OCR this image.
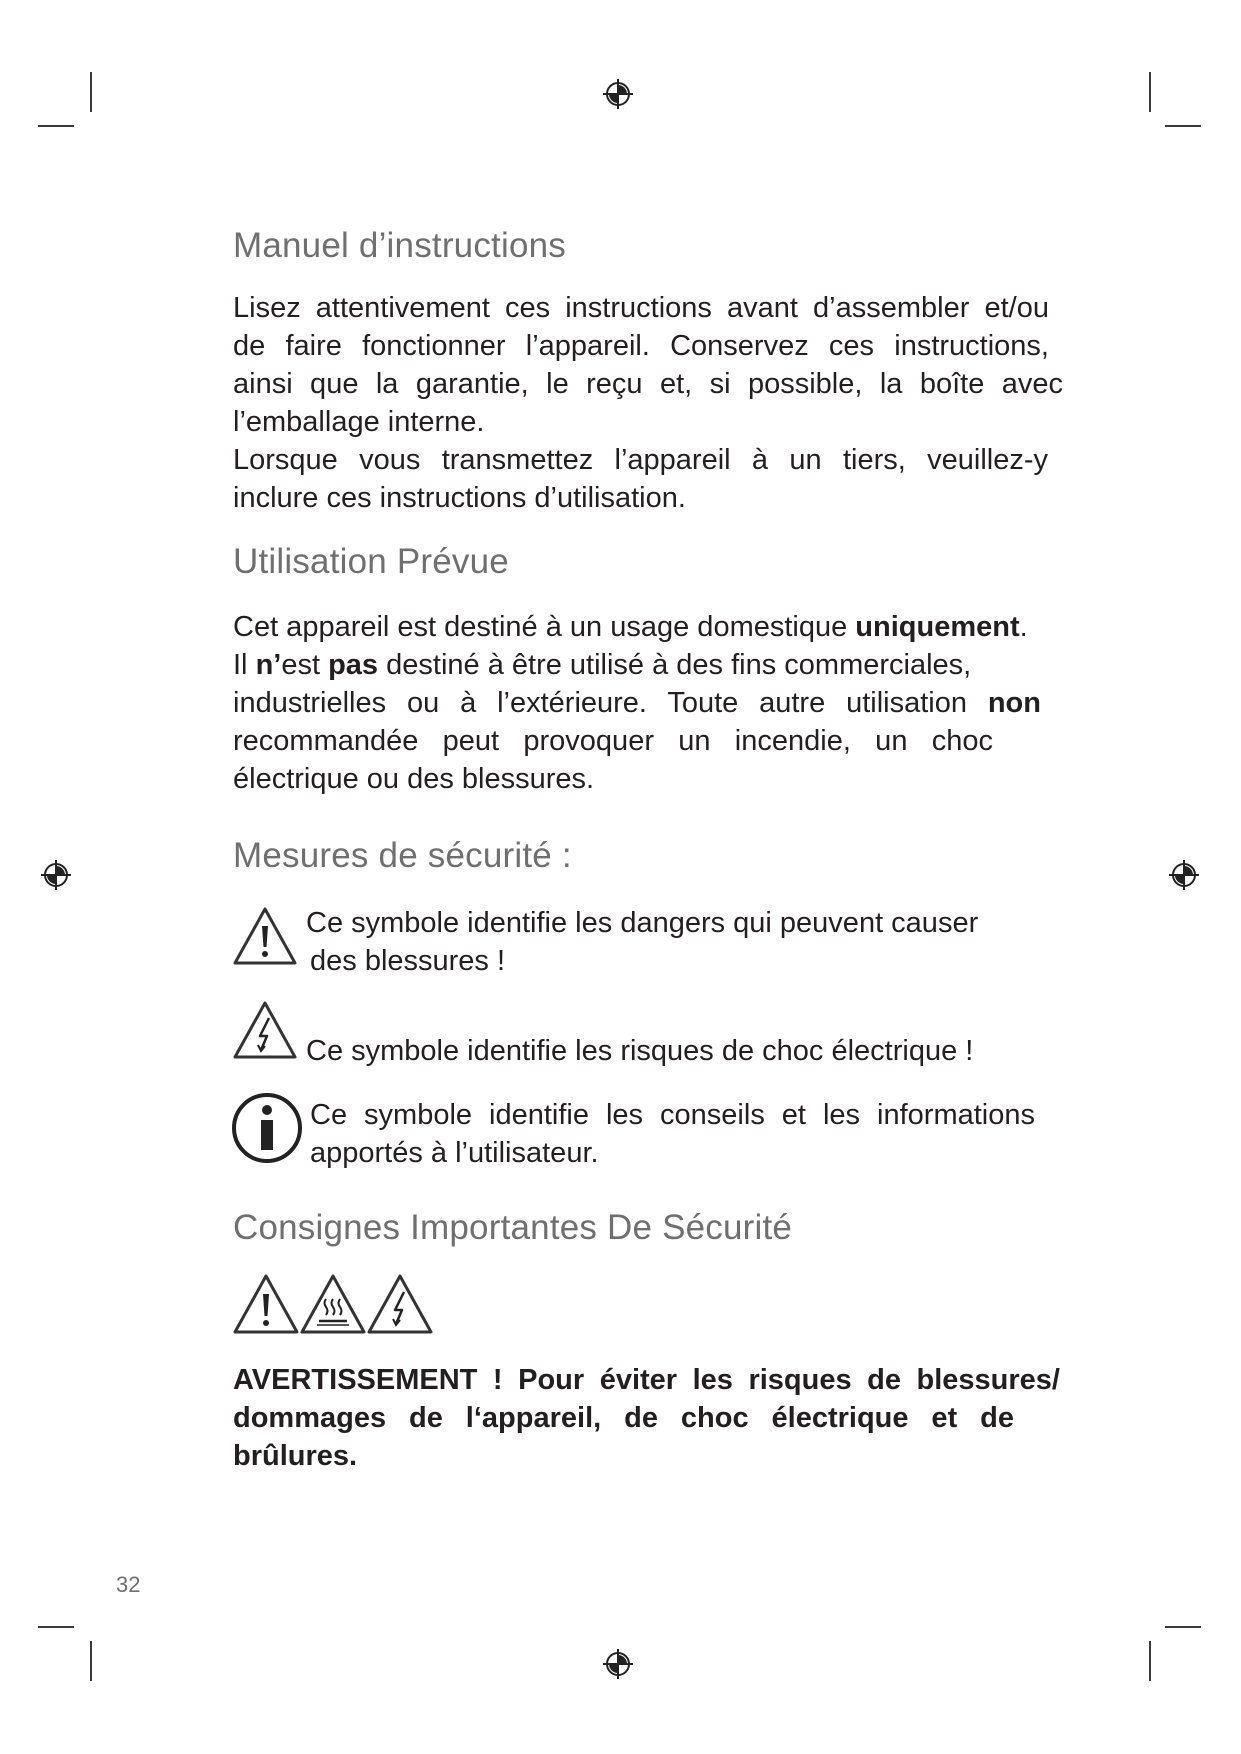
Manuel d’instructions
Lisez attentivement ces instructions avant d’assembler et/ou
de faire fonctionner l’appareil. Conservez ces instructions,
ainsi que la garantie, le reçu et, si possible, la boîte avec
l’emballage interne.
Lorsque vous transmettez l’appareil à un tiers, veuillez-y
inclure ces instructions d’utilisation.
Utilisation Prévue
Cet appareil est destiné à un usage domestique uniquement.
Il n’est pas destiné à être utilisé à des fins commerciales,
industrielles ou à l’extérieure. Toute autre utilisation non
recommandée peut provoquer un incendie, un choc
électrique ou des blessures.
Mesures de sécurité :
Ce symbole identifie les dangers qui peuvent causer
des blessures !
Ce symbole identifie les risques de choc électrique !
Ce symbole identifie les conseils et les informations
apportés à l’utilisateur.
Consignes Importantes De Sécurité
AVERTISSEMENT ! Pour éviter les risques de blessures/
dommages de l‘appareil, de choc électrique et de
brûlures.
32
